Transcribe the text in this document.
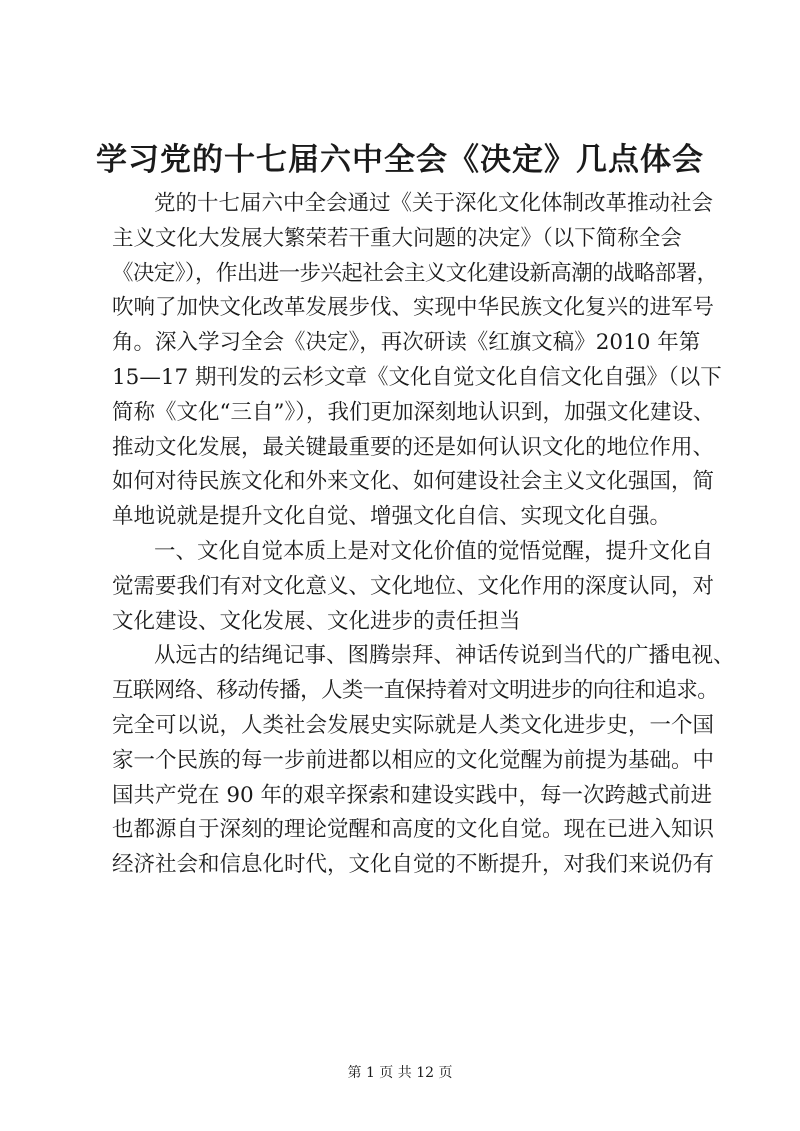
学习党的十七届六中全会《决定》几点体会
党的十七届六中全会通过《关于深化文化体制改革推动社会
主义文化大发展大繁荣若干重大问题的决定》（以下简称全会
《决定》），作出进一步兴起社会主义文化建设新高潮的战略部署，
吹响了加快文化改革发展步伐、实现中华民族文化复兴的进军号
角。深入学习全会《决定》，再次研读《红旗文稿》2010 年第
15—17 期刊发的云杉文章《文化自觉文化自信文化自强》（以下
简称《文化“三自”》），我们更加深刻地认识到，加强文化建设、
推动文化发展，最关键最重要的还是如何认识文化的地位作用、
如何对待民族文化和外来文化、如何建设社会主义文化强国，简
单地说就是提升文化自觉、增强文化自信、实现文化自强。
一、文化自觉本质上是对文化价值的觉悟觉醒，提升文化自
觉需要我们有对文化意义、文化地位、文化作用的深度认同，对
文化建设、文化发展、文化进步的责任担当
从远古的结绳记事、图腾崇拜、神话传说到当代的广播电视、
互联网络、移动传播，人类一直保持着对文明进步的向往和追求。
完全可以说，人类社会发展史实际就是人类文化进步史，一个国
家一个民族的每一步前进都以相应的文化觉醒为前提为基础。中
国共产党在 90 年的艰辛探索和建设实践中，每一次跨越式前进
也都源自于深刻的理论觉醒和高度的文化自觉。现在已进入知识
经济社会和信息化时代，文化自觉的不断提升，对我们来说仍有
第 1 页 共 12 页
